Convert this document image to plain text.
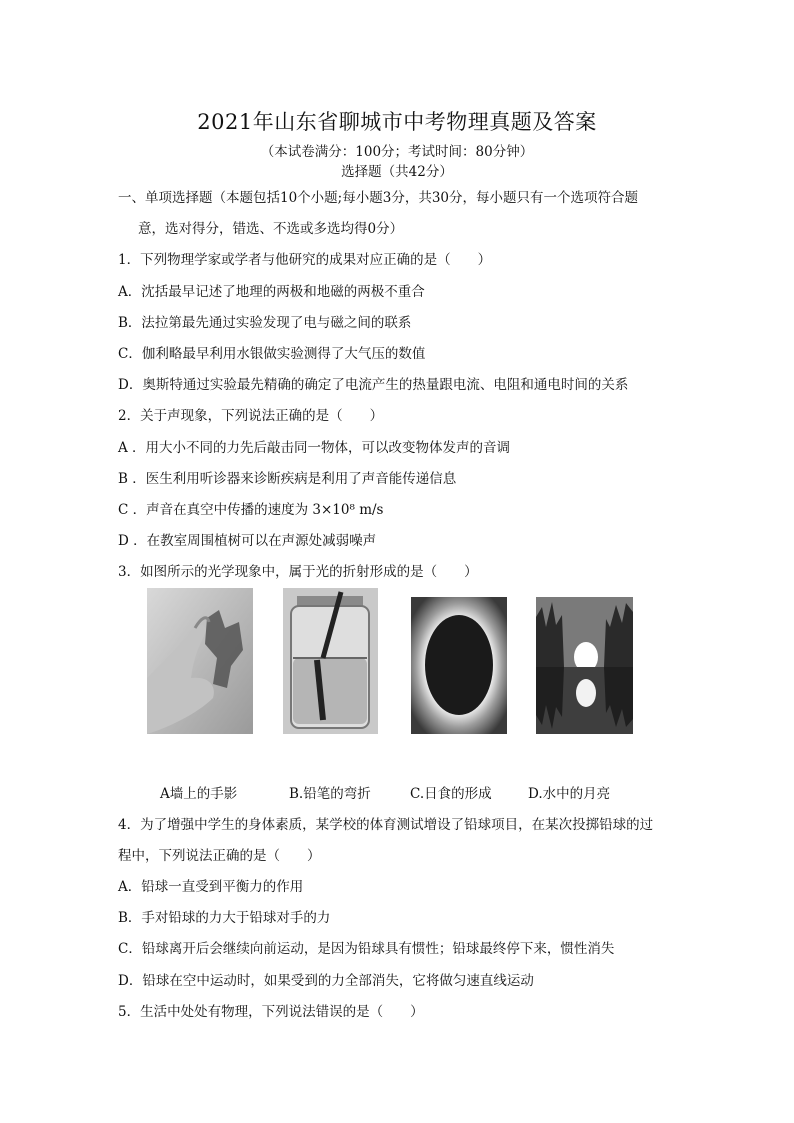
2021年山东省聊城市中考物理真题及答案
（本试卷满分：100分；考试时间：80分钟）
选择题（共42分）
一、单项选择题（本题包括10个小题;每小题3分，共30分，每小题只有一个选项符合题
意，选对得分，错选、不选或多选均得0分）
1．下列物理学家或学者与他研究的成果对应正确的是（　　）
A．沈括最早记述了地理的两极和地磁的两极不重合
B．法拉第最先通过实验发现了电与磁之间的联系
C．伽利略最早利用水银做实验测得了大气压的数值
D．奥斯特通过实验最先精确的确定了电流产生的热量跟电流、电阻和通电时间的关系
2．关于声现象，下列说法正确的是（　　）
A ．用大小不同的力先后敲击同一物体，可以改变物体发声的音调
B ．医生利用听诊器来诊断疾病是利用了声音能传递信息
C ．声音在真空中传播的速度为 3×10⁸ m/s
D ．在教室周围植树可以在声源处减弱噪声
3．如图所示的光学现象中，属于光的折射形成的是（　　）
A墙上的手影	B.铅笔的弯折	C.日食的形成	D.水中的月亮
4．为了增强中学生的身体素质，某学校的体育测试增设了铅球项目，在某次投掷铅球的过
程中，下列说法正确的是（　　）
A．铅球一直受到平衡力的作用
B．手对铅球的力大于铅球对手的力
C．铅球离开后会继续向前运动，是因为铅球具有惯性；铅球最终停下来，惯性消失
D．铅球在空中运动时，如果受到的力全部消失，它将做匀速直线运动
5．生活中处处有物理，下列说法错误的是（　　）
